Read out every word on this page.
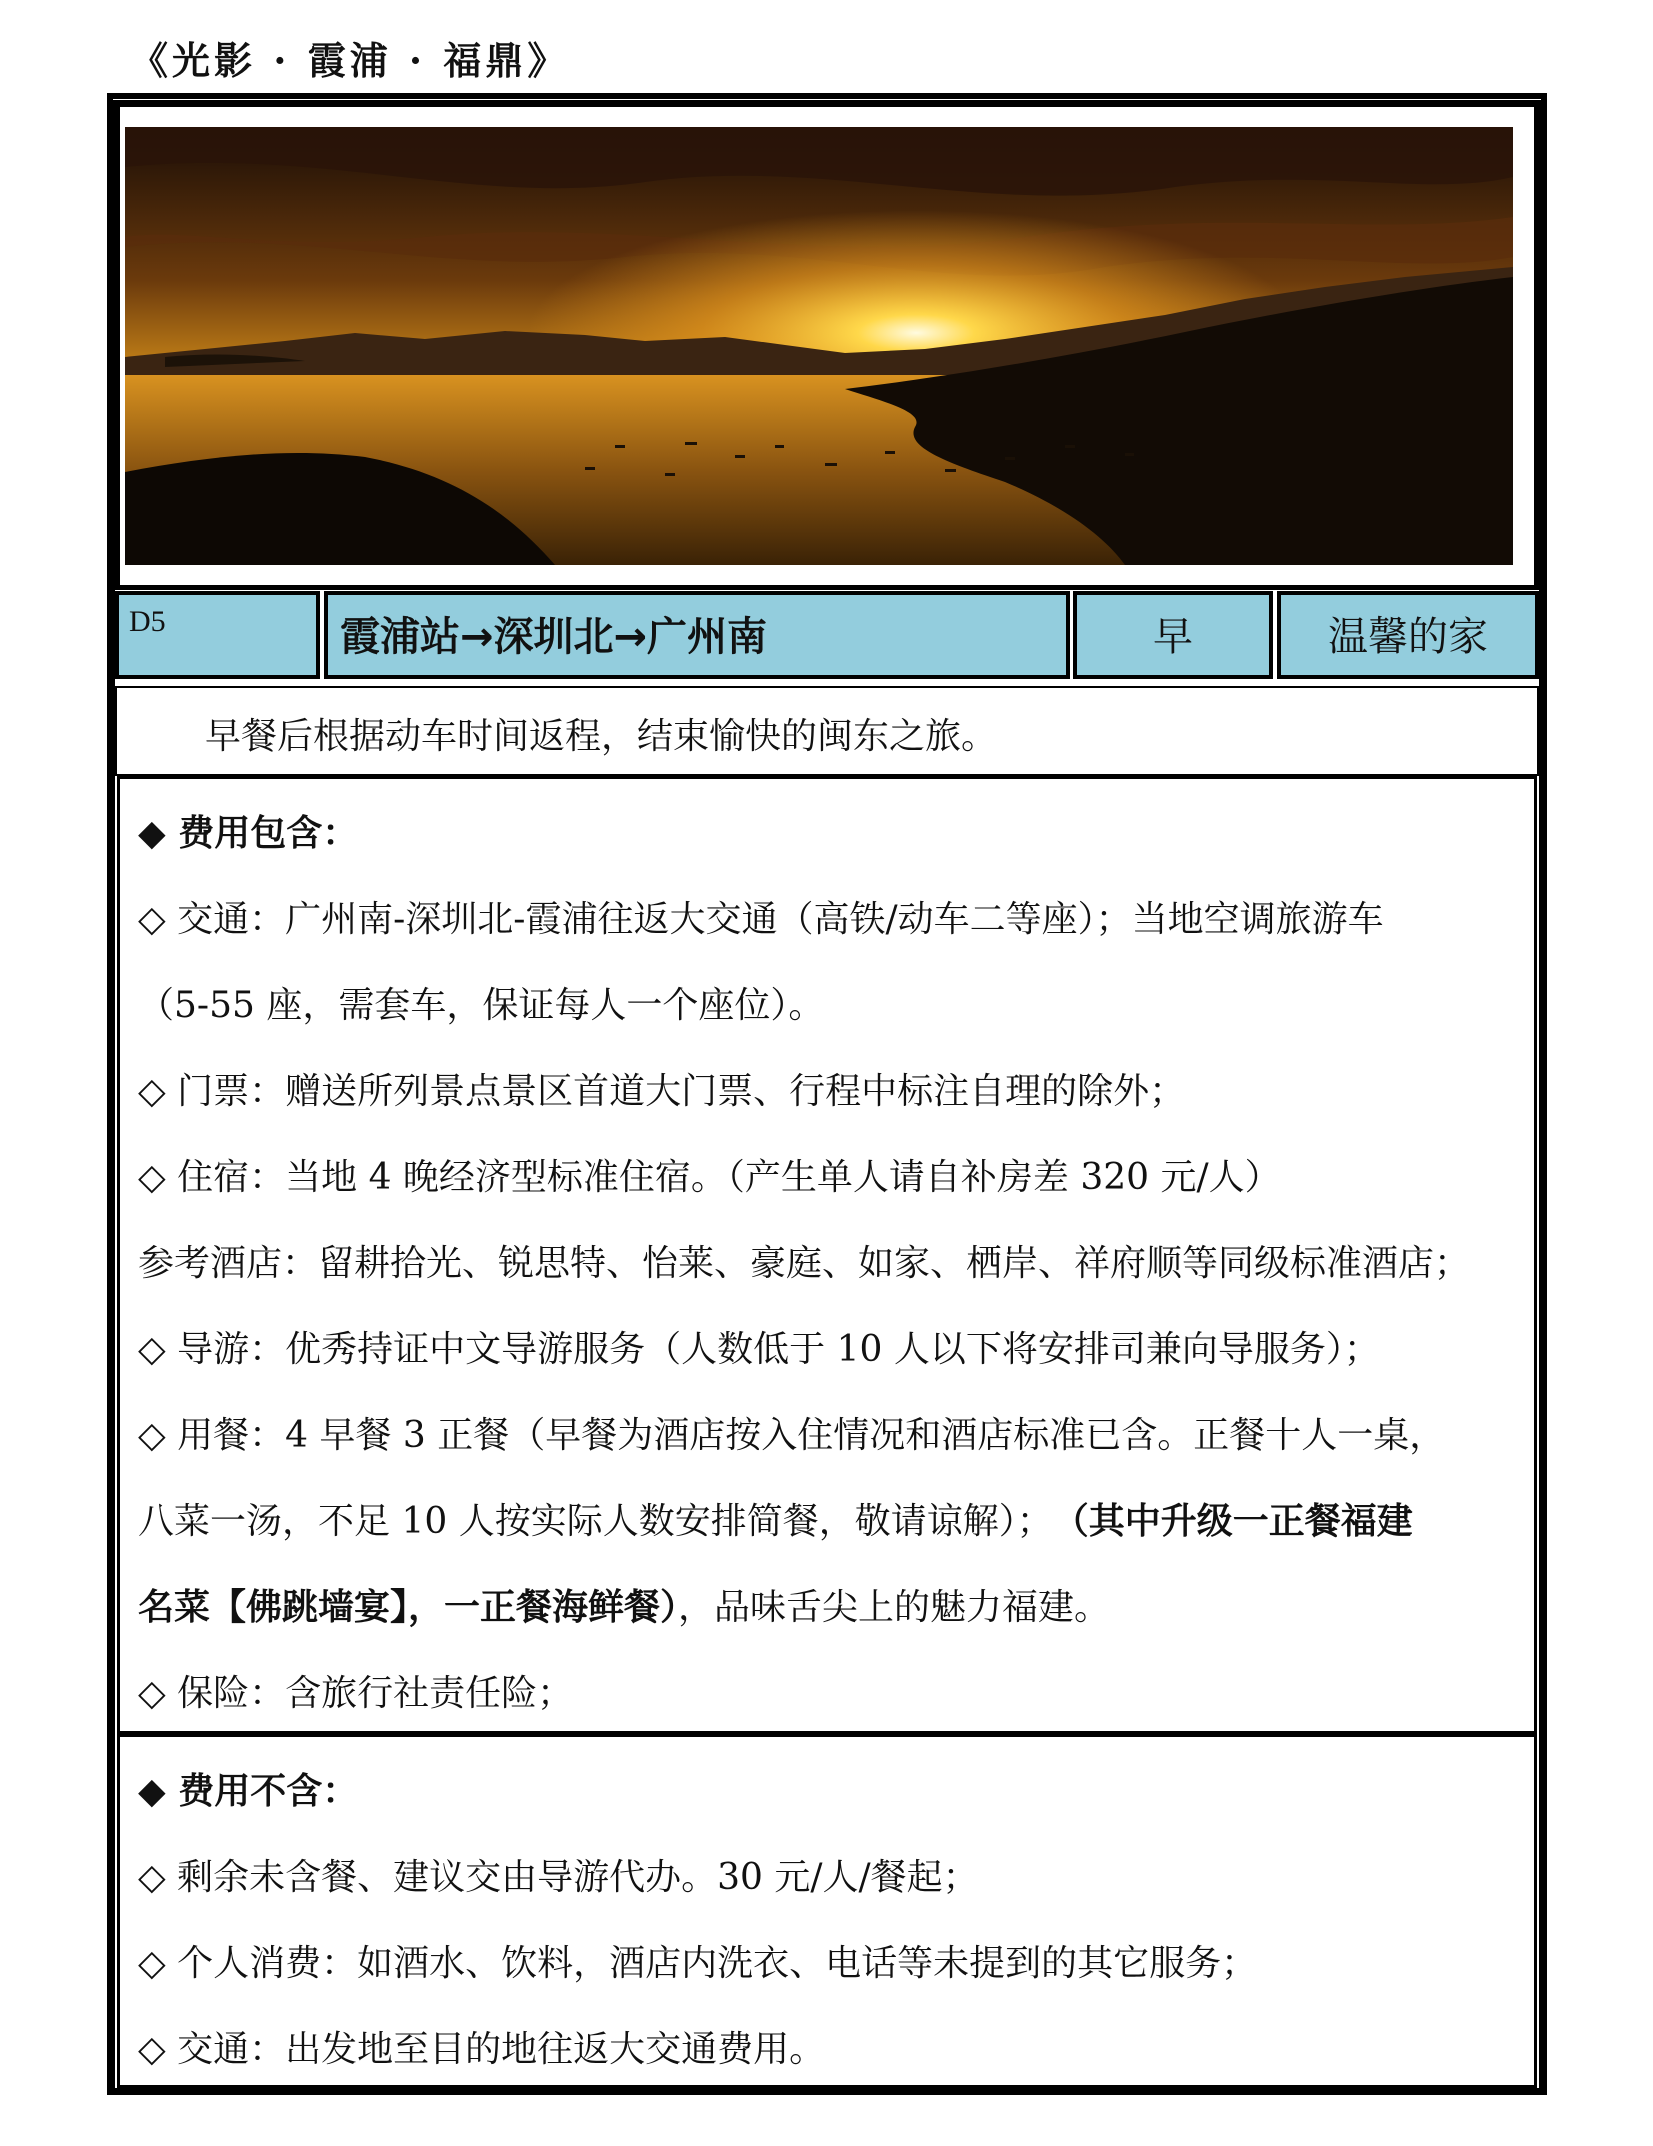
《光影 · 霞浦 · 福鼎》
D5	霞浦站→深圳北→广州南	早	温馨的家

早餐后根据动车时间返程，结束愉快的闽东之旅。

◆ 费用包含：
◇ 交通：广州南-深圳北-霞浦往返大交通（高铁/动车二等座）；当地空调旅游车
（5-55 座，需套车，保证每人一个座位）。
◇ 门票：赠送所列景点景区首道大门票、行程中标注自理的除外；
◇ 住宿：当地 4 晚经济型标准住宿。（产生单人请自补房差 320 元/人）
参考酒店：留耕拾光、锐思特、怡莱、豪庭、如家、栖岸、祥府顺等同级标准酒店；
◇ 导游：优秀持证中文导游服务（人数低于 10 人以下将安排司兼向导服务）；
◇ 用餐：4 早餐 3 正餐（早餐为酒店按入住情况和酒店标准已含。正餐十人一桌，
八菜一汤，不足 10 人按实际人数安排简餐，敬请谅解）； （其中升级一正餐福建
名菜【佛跳墙宴】，一正餐海鲜餐），品味舌尖上的魅力福建。
◇ 保险：含旅行社责任险；
◆ 费用不含：
◇ 剩余未含餐、建议交由导游代办。30 元/人/餐起；
◇ 个人消费：如酒水、饮料，酒店内洗衣、电话等未提到的其它服务；
◇ 交通：出发地至目的地往返大交通费用。
